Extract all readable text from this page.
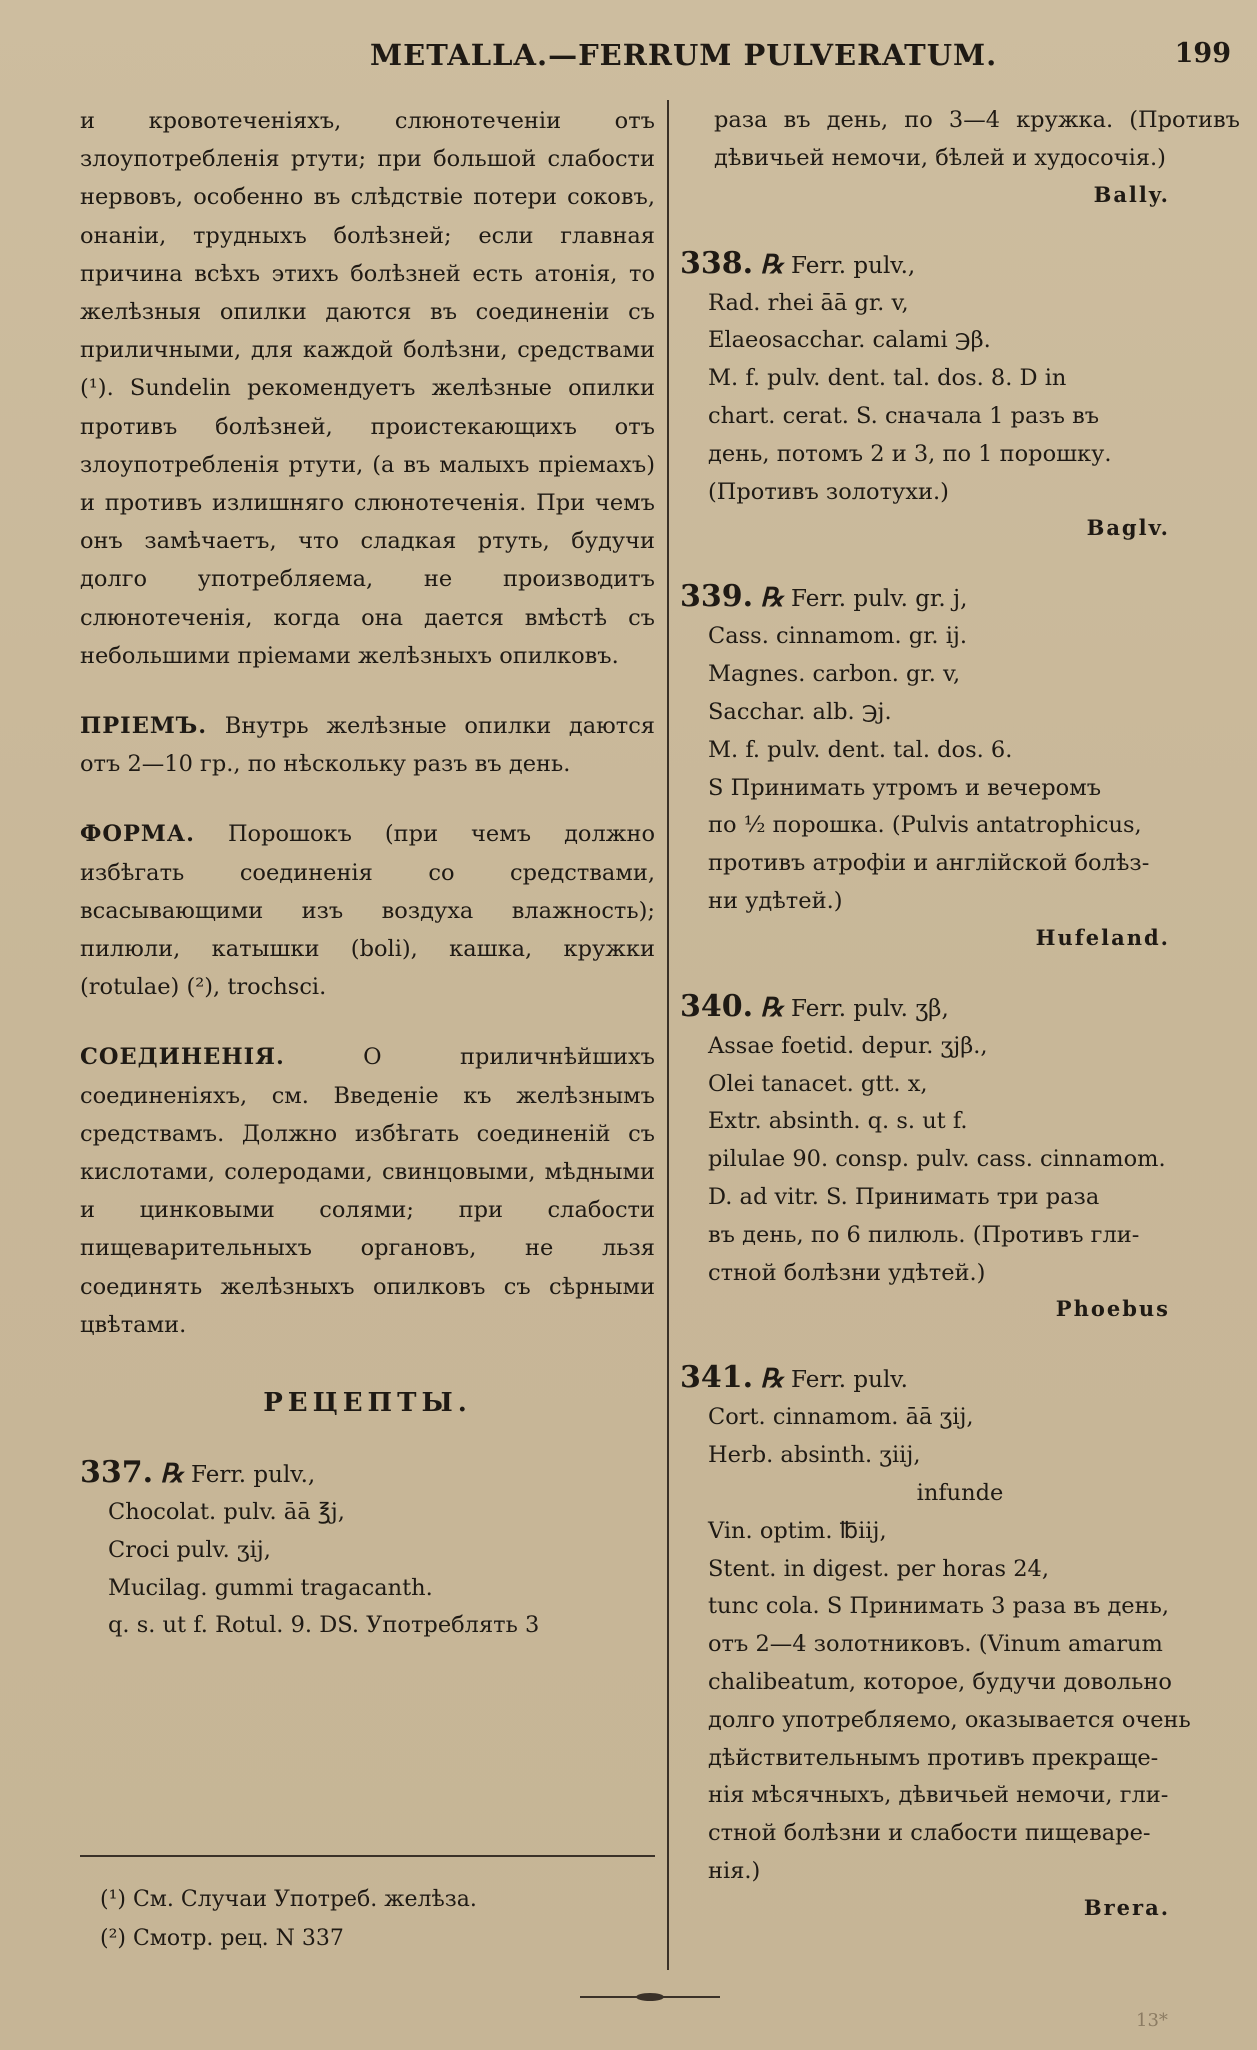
METALLA.—FERRUM PULVERATUM.	199

и кровотеченіяхъ, слюнотеченіи отъ злоупотребленія ртути; при большой слабости нервовъ, особенно въ слѣдствіе потери соковъ, онаніи, трудныхъ болѣзней; если главная причина всѣхъ этихъ болѣзней есть атонія, то желѣзныя опилки даются въ соединеніи съ приличными, для каждой болѣзни, средствами (¹). Sundelin рекомендуетъ желѣзные опилки противъ болѣзней, проистекающихъ отъ злоупотребленія ртути, (а въ малыхъ пріемахъ) и противъ излишняго слюнотеченія. При чемъ онъ замѣчаетъ, что сладкая ртуть, будучи долго употребляема, не производитъ слюнотеченія, когда она дается вмѣстѣ съ небольшими пріемами желѣзныхъ опилковъ.

ПРІЕМЪ. Внутрь желѣзные опилки даются отъ 2—10 гр., по нѣскольку разъ въ день.

ФОРМА. Порошокъ (при чемъ должно избѣгать соединенія со средствами, всасывающими изъ воздуха влажность); пилюли, катышки (boli), кашка, кружки (rotulae) (²), trochsci.

СОЕДИНЕНІЯ.	О приличнѣйшихъ соединеніяхъ, см. Введеніе къ желѣзнымъ средствамъ. Должно избѣгать соединеній съ кислотами, солеродами, свинцовыми, мѣдными и цинковыми солями; при слабости пищеварительныхъ органовъ, не льзя соединять желѣзныхъ опилковъ съ сѣрными цвѣтами.

РЕЦЕПТЫ.
337. ℞ Ferr. pulv.,
Chocolat. pulv. āā ℥j,
Croci pulv. ʒij,
Mucilag. gummi tragacanth.
q. s. ut f. Rotul. 9. DS. Употреблять 3
(¹) См. Случаи Употреб. желѣза.
(²) Смотр. рец. N 337
раза въ день, по 3—4 кружка. (Противъ дѣвичьей немочи, бѣлей и худосочія.)
Bally.
338. ℞ Ferr. pulv.,
Rad. rhei āā gr. v,
Elaeosacchar. calami ℈β.
M. f. pulv. dent. tal. dos. 8. D in
chart. cerat. S. сначала 1 разъ въ
день, потомъ 2 и 3, по 1 порошку.
(Противъ золотухи.)
Baglv.
339. ℞ Ferr. pulv. gr. j,
Cass. cinnamom. gr. ij.
Magnes. carbon. gr. v,
Sacchar. alb. ℈j.
M. f. pulv. dent. tal. dos. 6.
S Принимать утромъ и вечеромъ
по ½ порошка. (Pulvis antatrophicus,
противъ атрофіи и англійской болѣз-
ни удѣтей.)
Hufeland.
340. ℞ Ferr. pulv. ʒβ,
Assae foetid. depur. ʒjβ.,
Olei tanacet. gtt. x,
Extr. absinth. q. s. ut f.
pilulae 90. consp. pulv. cass. cinnamom.
D. ad vitr. S. Принимать три раза
въ день, по 6 пилюль. (Противъ гли-
стной болѣзни удѣтей.)
Phoebus
341. ℞ Ferr. pulv.
Cort. cinnamom. āā ʒij,
Herb. absinth. ʒiij,
infunde
Vin. optim. ℔iij,
Stent. in digest. per horas 24,
tunc cola. S Принимать 3 раза въ день,
отъ 2—4 золотниковъ. (Vinum amarum
chalibeatum, которое, будучи довольно
долго употребляемо, оказывается очень
дѣйствительнымъ противъ прекраще-
нія мѣсячныхъ, дѣвичьей немочи, гли-
стной болѣзни и слабости пищеваре-
нія.)
Brera.
13*
